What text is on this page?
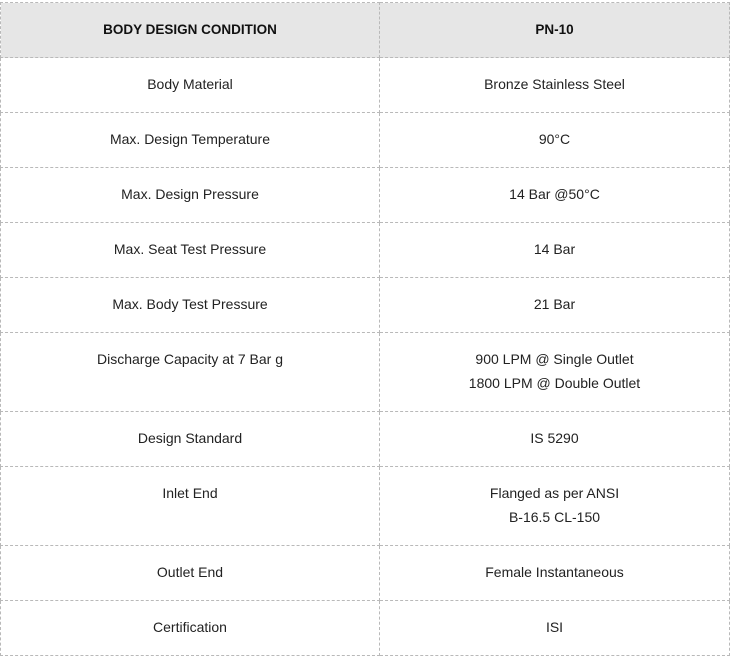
BODY DESIGN CONDITION	PN-10
Body Material	Bronze Stainless Steel

Max. Design Temperature	90°C

Max. Design Pressure	14 Bar @50°C

Max. Seat Test Pressure	14 Bar

Max. Body Test Pressure	21 Bar

Discharge Capacity at 7 Bar g	900 LPM @ Single Outlet
1800 LPM @ Double Outlet

Design Standard	IS 5290

Inlet End	Flanged as per ANSI
B-16.5 CL-150

Outlet End	Female Instantaneous

Certification	ISI
